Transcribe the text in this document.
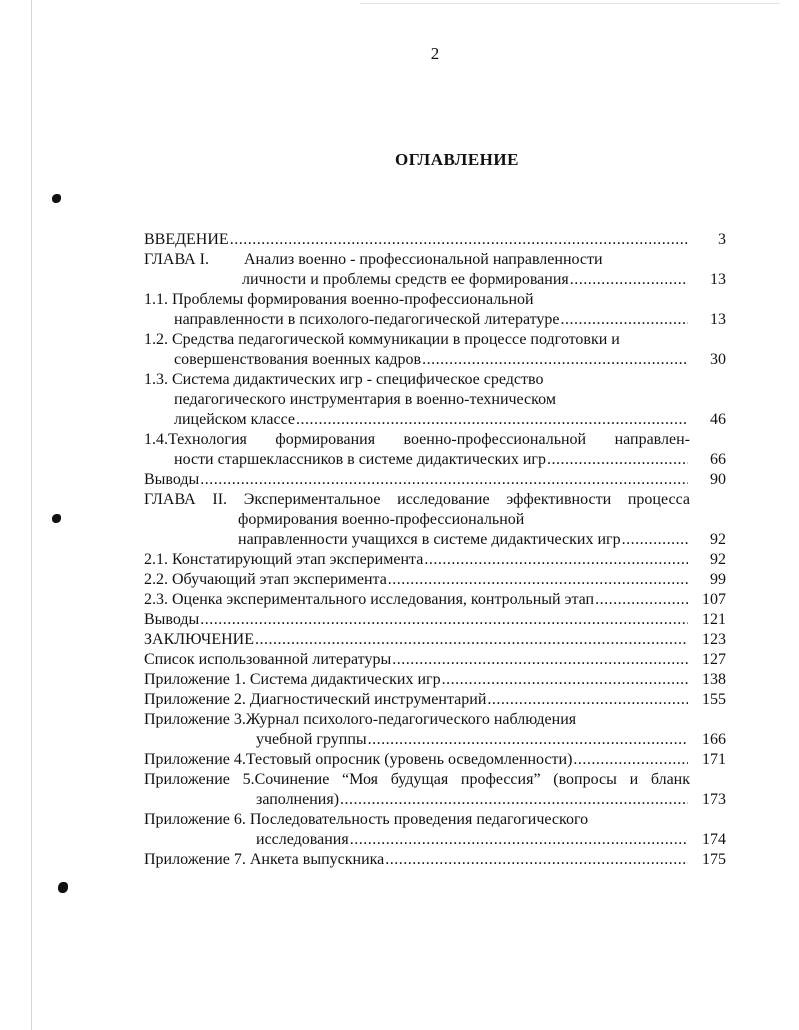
2
ОГЛАВЛЕНИЕ
ВВЕДЕНИЕ .....	3
ГЛАВА I. Анализ военно - профессиональной направленности
личности и проблемы средств ее формирования .....	13
1.1. Проблемы формирования военно-профессиональной
направленности в психолого-педагогической литературе .....	13
1.2. Средства педагогической коммуникации в процессе подготовки и
совершенствования военных кадров .....	30
1.3. Система дидактических игр - специфическое средство
педагогического инструментария в военно-техническом
лицейском классе .....	46
1.4.Технология формирования военно-профессиональной направлен-
ности старшеклассников в системе дидактических игр .....	66
Выводы .....	90
ГЛАВА II. Экспериментальное исследование эффективности процесса
формирования военно-профессиональной
направленности учащихся в системе дидактических игр .....	92
2.1. Констатирующий этап эксперимента .....	92
2.2. Обучающий этап эксперимента .....	99
2.3. Оценка экспериментального исследования, контрольный этап .....	107
Выводы .....	121
ЗАКЛЮЧЕНИЕ .....	123
Список использованной литературы .....	127
Приложение 1. Система дидактических игр .....	138
Приложение 2. Диагностический инструментарий .....	155
Приложение 3.Журнал психолого-педагогического наблюдения
учебной группы .....	166
Приложение 4.Тестовый опросник (уровень осведомленности) .....	171
Приложение 5.Сочинение “Моя будущая профессия” (вопросы и бланк
заполнения) .....	173
Приложение 6. Последовательность проведения педагогического
исследования .....	174
Приложение 7. Анкета выпускника .....	175
